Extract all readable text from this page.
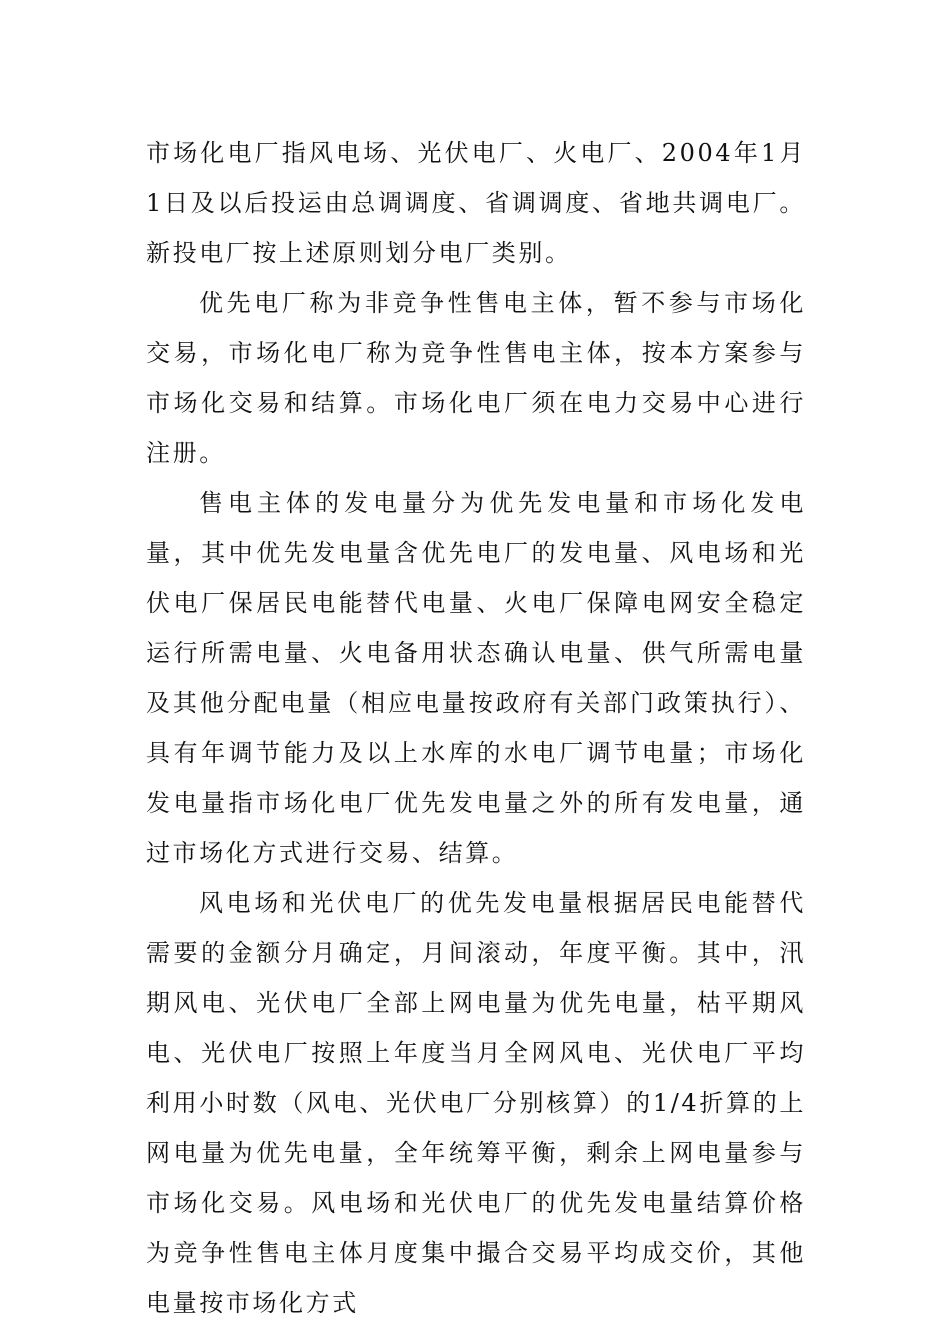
市场化电厂指风电场、光伏电厂、火电厂、2004年1月1日及以后投运由总调调度、省调调度、省地共调电厂。新投电厂按上述原则划分电厂类别。

优先电厂称为非竞争性售电主体，暂不参与市场化交易，市场化电厂称为竞争性售电主体，按本方案参与市场化交易和结算。市场化电厂须在电力交易中心进行注册。

售电主体的发电量分为优先发电量和市场化发电量，其中优先发电量含优先电厂的发电量、风电场和光伏电厂保居民电能替代电量、火电厂保障电网安全稳定运行所需电量、火电备用状态确认电量、供气所需电量及其他分配电量（相应电量按政府有关部门政策执行）、具有年调节能力及以上水库的水电厂调节电量；市场化发电量指市场化电厂优先发电量之外的所有发电量，通过市场化方式进行交易、结算。

风电场和光伏电厂的优先发电量根据居民电能替代需要的金额分月确定，月间滚动，年度平衡。其中，汛期风电、光伏电厂全部上网电量为优先电量，枯平期风电、光伏电厂按照上年度当月全网风电、光伏电厂平均利用小时数（风电、光伏电厂分别核算）的1/4折算的上网电量为优先电量，全年统筹平衡，剩余上网电量参与市场化交易。风电场和光伏电厂的优先发电量结算价格为竞争性售电主体月度集中撮合交易平均成交价，其他电量按市场化方式
